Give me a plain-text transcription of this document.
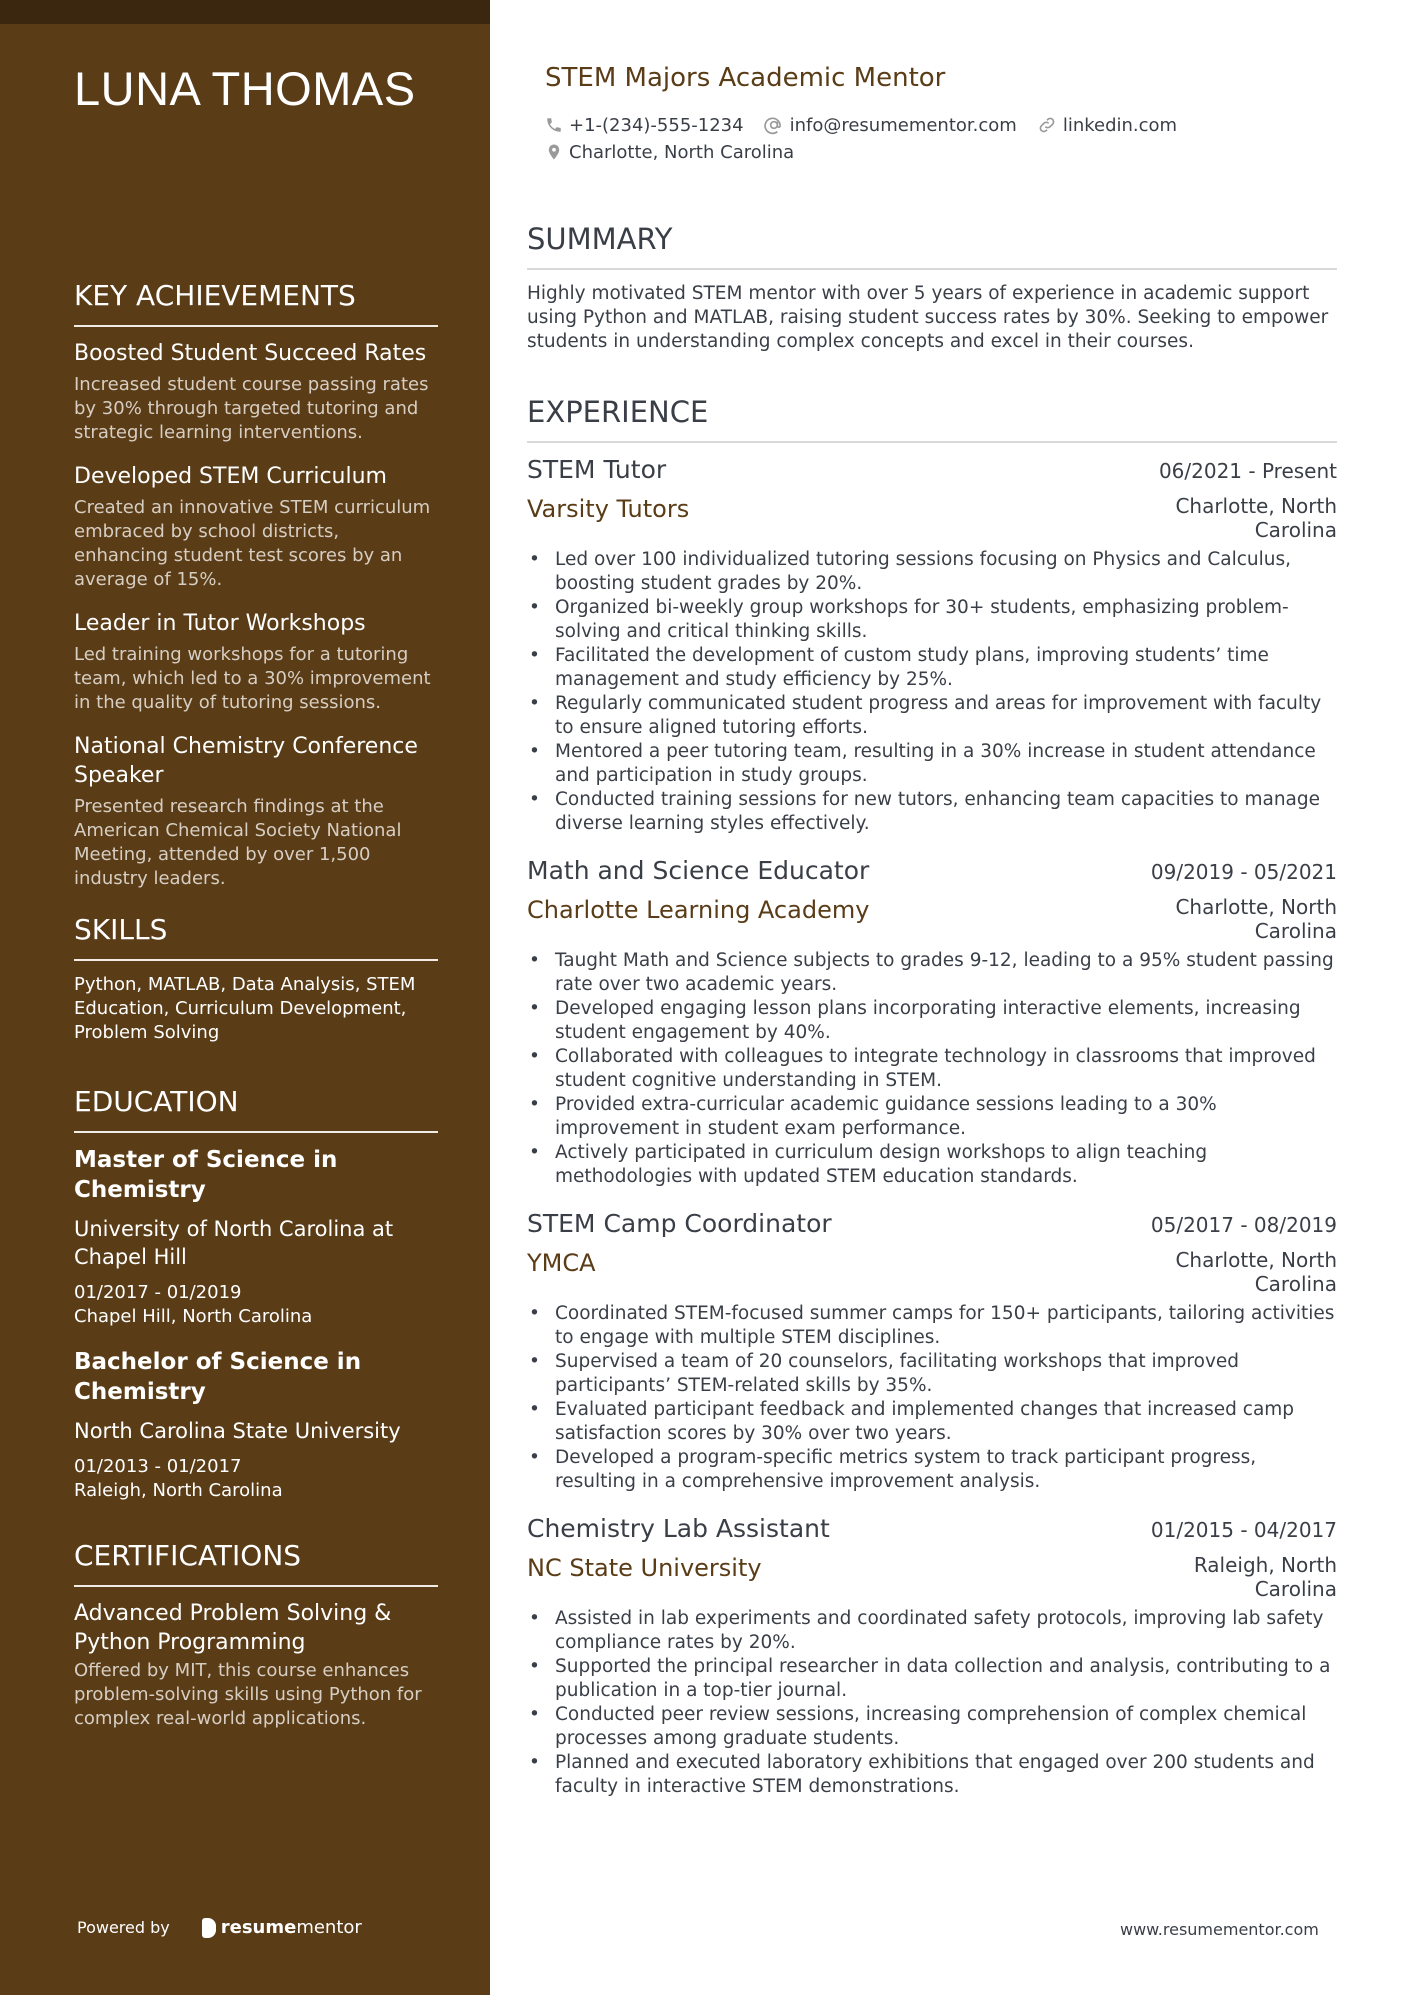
LUNA THOMAS
KEY ACHIEVEMENTS
Boosted Student Succeed Rates
Increased student course passing rates by 30% through targeted tutoring and strategic learning interventions.
Developed STEM Curriculum
Created an innovative STEM curriculum embraced by school districts, enhancing student test scores by an average of 15%.
Leader in Tutor Workshops
Led training workshops for a tutoring team, which led to a 30% improvement in the quality of tutoring sessions.
National Chemistry Conference Speaker
Presented research findings at the American Chemical Society National Meeting, attended by over 1,500 industry leaders.
SKILLS
Python, MATLAB, Data Analysis, STEM Education, Curriculum Development, Problem Solving
EDUCATION
Master of Science in Chemistry
University of North Carolina at Chapel Hill
01/2017 - 01/2019
Chapel Hill, North Carolina
Bachelor of Science in Chemistry
North Carolina State University
01/2013 - 01/2017
Raleigh, North Carolina
CERTIFICATIONS
Advanced Problem Solving & Python Programming
Offered by MIT, this course enhances problem-solving skills using Python for complex real-world applications.
Powered by	resume mentor
STEM Majors Academic Mentor
+1-(234)-555-1234	info@resumementor.com	linkedin.com
Charlotte, North Carolina
SUMMARY
Highly motivated STEM mentor with over 5 years of experience in academic support using Python and MATLAB, raising student success rates by 30%. Seeking to empower students in understanding complex concepts and excel in their courses.
EXPERIENCE
STEM Tutor	06/2021 - Present
Varsity Tutors	Charlotte, North Carolina
• Led over 100 individualized tutoring sessions focusing on Physics and Calculus, boosting student grades by 20%.
• Organized bi-weekly group workshops for 30+ students, emphasizing problem-solving and critical thinking skills.
• Facilitated the development of custom study plans, improving students’ time management and study efficiency by 25%.
• Regularly communicated student progress and areas for improvement with faculty to ensure aligned tutoring efforts.
• Mentored a peer tutoring team, resulting in a 30% increase in student attendance and participation in study groups.
• Conducted training sessions for new tutors, enhancing team capacities to manage diverse learning styles effectively.
Math and Science Educator	09/2019 - 05/2021
Charlotte Learning Academy	Charlotte, North Carolina
• Taught Math and Science subjects to grades 9-12, leading to a 95% student passing rate over two academic years.
• Developed engaging lesson plans incorporating interactive elements, increasing student engagement by 40%.
• Collaborated with colleagues to integrate technology in classrooms that improved student cognitive understanding in STEM.
• Provided extra-curricular academic guidance sessions leading to a 30% improvement in student exam performance.
• Actively participated in curriculum design workshops to align teaching methodologies with updated STEM education standards.
STEM Camp Coordinator	05/2017 - 08/2019
YMCA	Charlotte, North Carolina
• Coordinated STEM-focused summer camps for 150+ participants, tailoring activities to engage with multiple STEM disciplines.
• Supervised a team of 20 counselors, facilitating workshops that improved participants’ STEM-related skills by 35%.
• Evaluated participant feedback and implemented changes that increased camp satisfaction scores by 30% over two years.
• Developed a program-specific metrics system to track participant progress, resulting in a comprehensive improvement analysis.
Chemistry Lab Assistant	01/2015 - 04/2017
NC State University	Raleigh, North Carolina
• Assisted in lab experiments and coordinated safety protocols, improving lab safety compliance rates by 20%.
• Supported the principal researcher in data collection and analysis, contributing to a publication in a top-tier journal.
• Conducted peer review sessions, increasing comprehension of complex chemical processes among graduate students.
• Planned and executed laboratory exhibitions that engaged over 200 students and faculty in interactive STEM demonstrations.
www.resumementor.com
